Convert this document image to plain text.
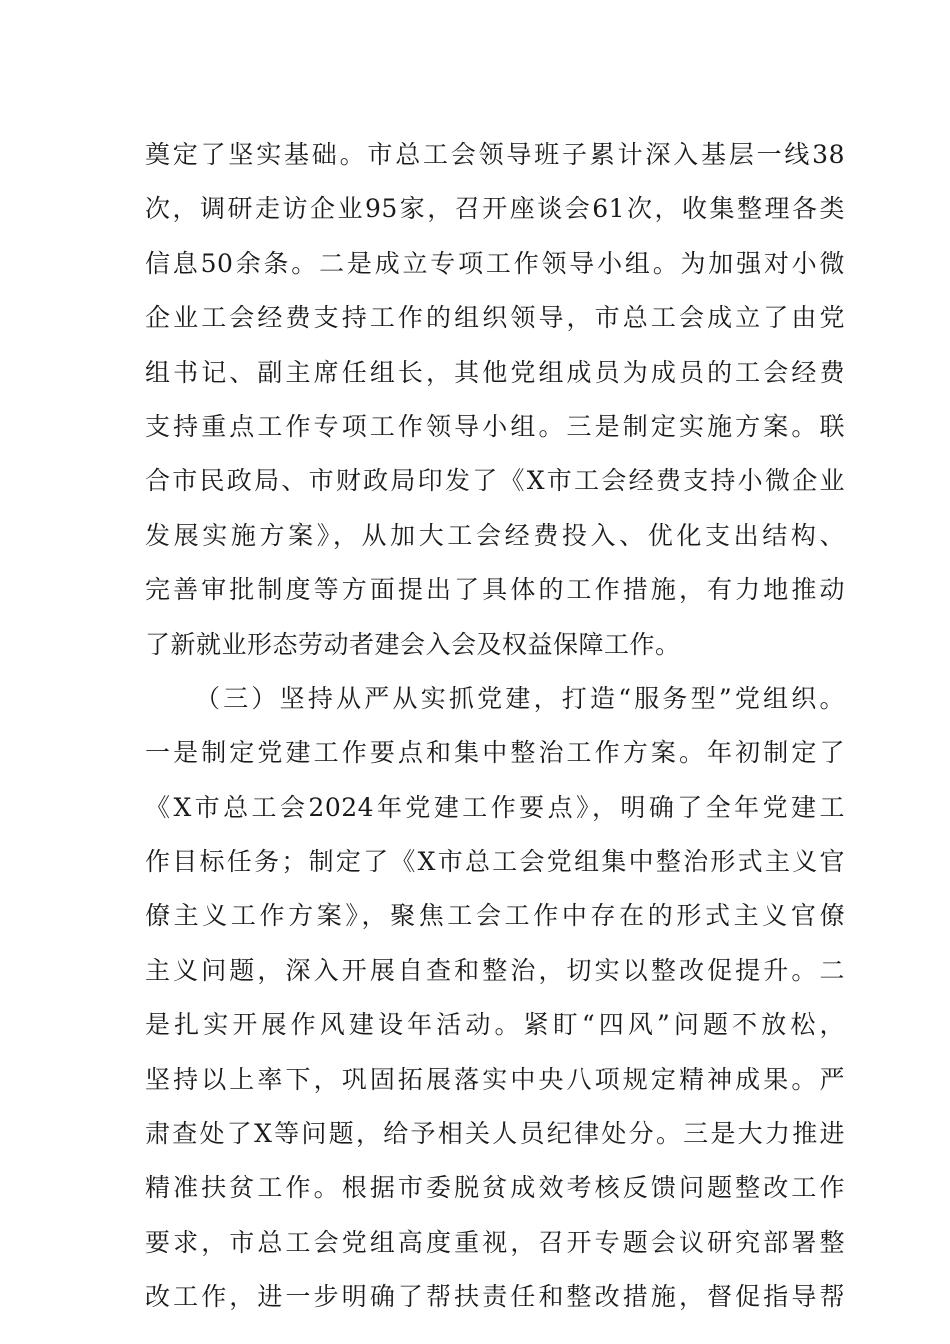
奠定了坚实基础。市总工会领导班子累计深入基层一线38
次，调研走访企业95家，召开座谈会61次，收集整理各类
信息50余条。二是成立专项工作领导小组。为加强对小微
企业工会经费支持工作的组织领导，市总工会成立了由党
组书记、副主席任组长，其他党组成员为成员的工会经费
支持重点工作专项工作领导小组。三是制定实施方案。联
合市民政局、市财政局印发了《X市工会经费支持小微企业
发展实施方案》，从加大工会经费投入、优化支出结构、
完善审批制度等方面提出了具体的工作措施，有力地推动
了新就业形态劳动者建会入会及权益保障工作。
（三）坚持从严从实抓党建，打造“服务型”党组织。
一是制定党建工作要点和集中整治工作方案。年初制定了
《X市总工会2024年党建工作要点》，明确了全年党建工
作目标任务；制定了《X市总工会党组集中整治形式主义官
僚主义工作方案》，聚焦工会工作中存在的形式主义官僚
主义问题，深入开展自查和整治，切实以整改促提升。二
是扎实开展作风建设年活动。紧盯“四风”问题不放松，
坚持以上率下，巩固拓展落实中央八项规定精神成果。严
肃查处了X等问题，给予相关人员纪律处分。三是大力推进
精准扶贫工作。根据市委脱贫成效考核反馈问题整改工作
要求，市总工会党组高度重视，召开专题会议研究部署整
改工作，进一步明确了帮扶责任和整改措施，督促指导帮
